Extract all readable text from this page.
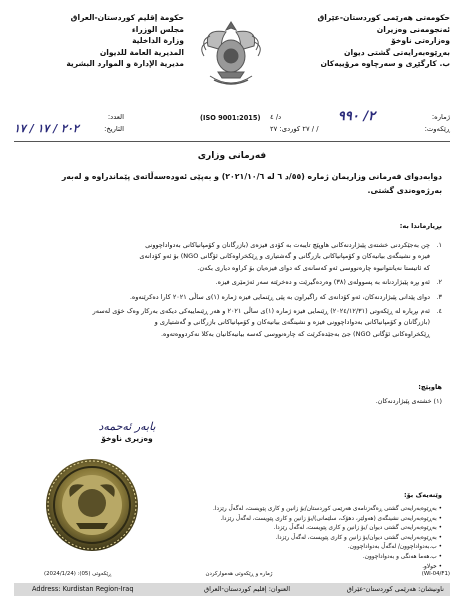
حکومەتی هەرێمی کوردستان-عێراق
ئەنجومەنی وەزیران
وەزارەتی ناوخۆ
بەڕێوەبەرایەتی گشتی دیوان
ب. کارگێڕی و سەرچاوە مرۆییەکان
حكومة إقليم كوردستان-العراق
مجلس الوزراء
وزارة الداخلية
المديرية العامة للديوان
مديرية الإدارة و الموارد البشرية
ژمارە:
٢/ ٩٩٠
د/ ٤
ڕێکەوت:
/ / ٢٧ کوردی: ٢٧
(ISO 9001:2015)
العدد:
التاريخ:
٢٠٢ / ١٧ / ١٧
فەرمانی وزاری
دوابەدوای فەرمانی وزاریمان ژمارە (٥٥/د ٦ لە ٢٠٢١/١٠/٦) و بەپێی ئەودەسەڵاتەی پێماندراوە و لەبەر
بەرژەوەندی گشتی.
بڕیارماندا بە:
١.
چن بەجێکردنی خشتەی پێبژاردنەکانی هاوپێچ تایبەت بە کۆدی فیزەی (بازرگانان و کۆمپانیاکانی بەدواداچوونی
فیزە و نشینگەی بیانیەکان و کۆمپانیاکانی بازرگانی و گەشتیاری و ڕێکخراوەکانی ئۆگانی NGO) بۆ ئەو کۆدانەی
کە ئاتیستا نەیانتوانیوە چارەنووسی ئەو کەسانەی کە دوای فیزەیان بۆ کراوە دیاری بکەن.
٢.
ئەو بڕە پێبژاردنانە بە پسوولەی (٣٨) وەردەگیرێت و دەخرێتە سەر ئەژمێری فیزە.
٣.
دوای پێدانی پێبژاردنەکان، ئەو کۆدانەی کە راگیراون بە پێی ڕێنمایی فیزە ژمارە (١)ی ساڵی ٢٠٢١ کارا دەکرێنەوە.
٤.
ئەم بڕیارە لە ڕێکەوتی (٢٠٢٤/١٢/٣١) ڕێنمایی فیزە ژمارە (١)ی ساڵی ٢٠٢١ و هەر ڕێنماییەکی دیکەی بەرکار وەک خۆی لەسەر
(بازرگانان و کۆمپانیاکانی بەدواداچوونی فیزە و نشینگەی بیانیەکان و کۆمپانیاکانی بازرگانی و گەشتیاری و
ڕێکخراوەکانی ئۆگانی NGO) جێ بەجێدەکرێت کە چارەنووسی کەسە بیانیەکانیان بەکلا نەکردووەتەوە.
هاوپێچ:
(١) خشتەی پێبژاردنەکان.
بابەر ئەحمەد
وەزیری ناوخۆ
وێنەیەک بۆ:
• بەڕێوەبەرایەتی گشتی ڕەگەزنامەی هەرێمی کوردستان/بۆ زانین و کاری پێویست، لەگەڵ رێزدا.
• بەڕێوەبەرایەتی نشینگەی (هەولێر، دهۆک، سلێمانی)/بۆ زانین و کاری پێویست، لەگەڵ رێزدا.
• بەڕێوەبەرایەتی گشتی دیوان /بۆ زانین و کاری پێویست، لەگەڵ رێزدا.
• بەڕێوەبەرایەتی گشتی دیوان/بۆ زانین و کاری پێویست، لەگەڵ رێزدا.
• ب.بەدواداچوون/ لەگەڵ بەدواداچوون.
• ب.هەما هەنگی و بەدواداچوون.
• خولاو.
(2024/1/24) :ڕێکەوتی (05)	ژمارە و ڕێکەوتی هەمواركردن	(WI-04/F1)
Address: Kurdistan Region-Iraq	العنوان: إقليم كوردستان-العراق	ناونیشان: هەرێمی كوردستان-عێراق
